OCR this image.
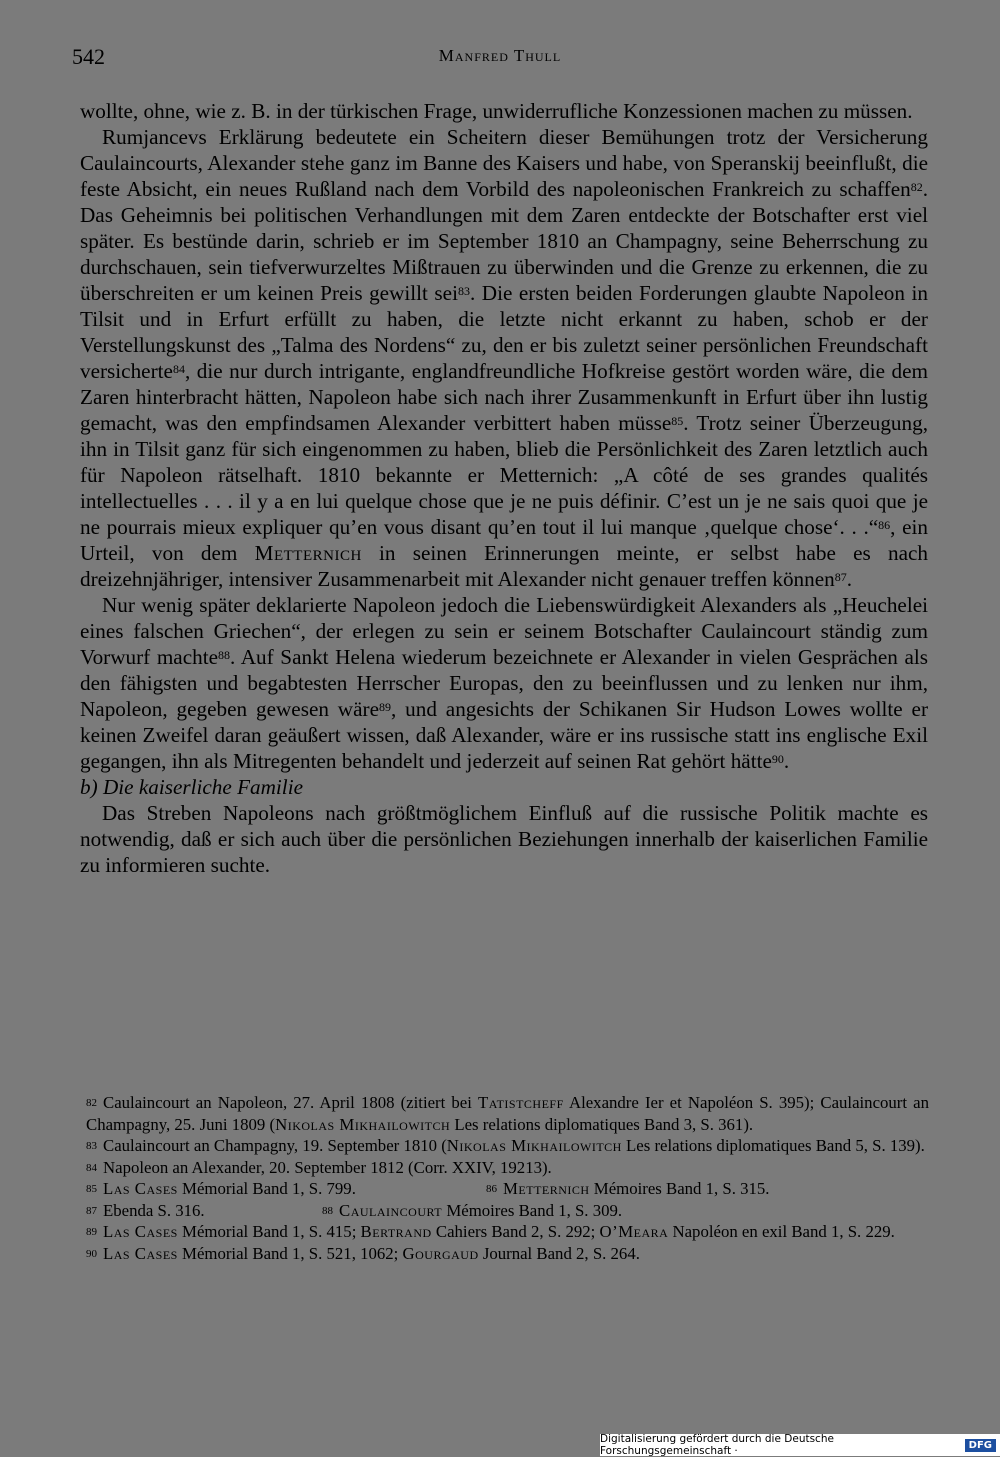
542	Manfred Thull

wollte, ohne, wie z. B. in der türkischen Frage, unwiderrufliche Konzessionen machen zu müssen.

Rumjancevs Erklärung bedeutete ein Scheitern dieser Bemühungen trotz der Versicherung Caulaincourts, Alexander stehe ganz im Banne des Kaisers und habe, von Speranskij beeinflußt, die feste Absicht, ein neues Rußland nach dem Vorbild des napoleonischen Frankreich zu schaffen$^{82}$. Das Geheimnis bei politischen Verhandlungen mit dem Zaren entdeckte der Botschafter erst viel später. Es bestünde darin, schrieb er im September 1810 an Champagny, seine Beherrschung zu durchschauen, sein tiefverwurzeltes Mißtrauen zu überwinden und die Grenze zu erkennen, die zu überschreiten er um keinen Preis gewillt sei$^{83}$. Die ersten beiden Forderungen glaubte Napoleon in Tilsit und in Erfurt erfüllt zu haben, die letzte nicht erkannt zu haben, schob er der Verstellungskunst des „Talma des Nordens“ zu, den er bis zuletzt seiner persönlichen Freundschaft versicherte$^{84}$, die nur durch intrigante, englandfreundliche Hofkreise gestört worden wäre, die dem Zaren hinterbracht hätten, Napoleon habe sich nach ihrer Zusammenkunft in Erfurt über ihn lustig gemacht, was den empfindsamen Alexander verbittert haben müsse$^{85}$. Trotz seiner Überzeugung, ihn in Tilsit ganz für sich eingenommen zu haben, blieb die Persönlichkeit des Zaren letztlich auch für Napoleon rätselhaft. 1810 bekannte er Metternich: „A côté de ses grandes qualités intellectuelles . . . il y a en lui quelque chose que je ne puis définir. C’est un je ne sais quoi que je ne pourrais mieux expliquer qu’en vous disant qu’en tout il lui manque ‚quelque chose‘. . .“$^{86}$, ein Urteil, von dem Metternich in seinen Erinnerungen meinte, er selbst habe es nach dreizehnjähriger, intensiver Zusammenarbeit mit Alexander nicht genauer treffen können$^{87}$.

Nur wenig später deklarierte Napoleon jedoch die Liebenswürdigkeit Alexanders als „Heuchelei eines falschen Griechen“, der erlegen zu sein er seinem Botschafter Caulaincourt ständig zum Vorwurf machte$^{88}$. Auf Sankt Helena wiederum bezeichnete er Alexander in vielen Gesprächen als den fähigsten und begabtesten Herrscher Europas, den zu beeinflussen und zu lenken nur ihm, Napoleon, gegeben gewesen wäre$^{89}$, und angesichts der Schikanen Sir Hudson Lowes wollte er keinen Zweifel daran geäußert wissen, daß Alexander, wäre er ins russische statt ins englische Exil gegangen, ihn als Mitregenten behandelt und jederzeit auf seinen Rat gehört hätte$^{90}$.

b) Die kaiserliche Familie

Das Streben Napoleons nach größtmöglichem Einfluß auf die russische Politik machte es notwendig, daß er sich auch über die persönlichen Beziehungen innerhalb der kaiserlichen Familie zu informieren suchte.

$^{82}$ Caulaincourt an Napoleon, 27. April 1808 (zitiert bei Tatistcheff Alexandre Ier et Napoléon S. 395); Caulaincourt an Champagny, 25. Juni 1809 (Nikolas Mikhailowitch Les relations diplomatiques Band 3, S. 361).

$^{83}$ Caulaincourt an Champagny, 19. September 1810 (Nikolas Mikhailowitch Les relations diplomatiques Band 5, S. 139).

$^{84}$ Napoleon an Alexander, 20. September 1812 (Corr. XXIV, 19213).

$^{85}$ Las Cases Mémorial Band 1, S. 799.	$^{86}$ Metternich Mémoires Band 1, S. 315.

$^{87}$ Ebenda S. 316.	$^{88}$ Caulaincourt Mémoires Band 1, S. 309.

$^{89}$ Las Cases Mémorial Band 1, S. 415; Bertrand Cahiers Band 2, S. 292; O’Meara Napoléon en exil Band 1, S. 229.

$^{90}$ Las Cases Mémorial Band 1, S. 521, 1062; Gourgaud Journal Band 2, S. 264.

Digitalisierung gefördert durch die Deutsche Forschungsgemeinschaft ·	DFG
